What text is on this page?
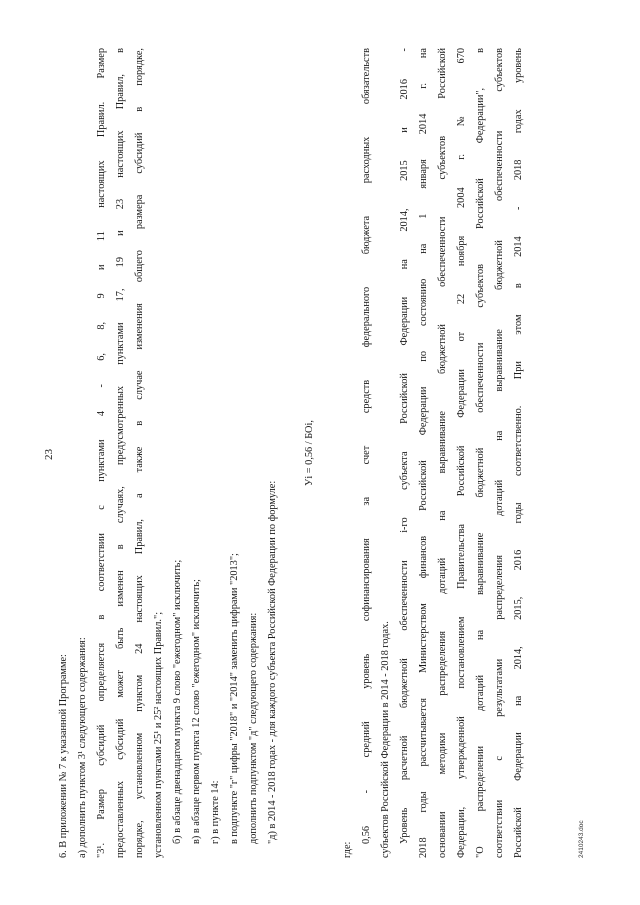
23
6. В приложении № 7 к указанной Программе: а) дополнить пунктом 3¹ следующего содержания: "3¹. Размер субсидий определяется в соответствии с пунктами 4 - 6, 8, 9 и 11 настоящих Правил. Размер предоставленных субсидий может быть изменен в случаях, предусмотренных пунктами 17, 19 и 23 настоящих Правил, в порядке, установленном пунктом 24 настоящих Правил, а также в случае изменения общего размера субсидий в порядке, установленном пунктами 25¹ и 25² настоящих Правил."; б) в абзаце двенадцатом пункта 9 слово "ежегодном" исключить; в) в абзаце первом пункта 12 слово "ежегодном" исключить; г) в пункте 14: в подпункте "г" цифры "2018" и "2014" заменить цифрами "2013"; дополнить подпунктом "д" следующего содержания: "д) в 2014 - 2018 годах - для каждого субъекта Российской Федерации по формуле:
Уi = 0,56 / БОi,
где:
0,56 - средний уровень софинансирования за счет средств федерального бюджета расходных обязательств субъектов Российской Федерации в 2014 - 2018 годах. Уровень расчетной бюджетной обеспеченности i-го субъекта Российской Федерации на 2014, 2015 и 2016 - 2018 годы рассчитывается Министерством финансов Российской Федерации по состоянию на 1 января 2014 г. на основании методики распределения дотаций на выравнивание бюджетной обеспеченности субъектов Российской Федерации, утвержденной постановлением Правительства Российской Федерации от 22 ноября 2004 г. № 670 "О распределении дотаций на выравнивание бюджетной обеспеченности субъектов Российской Федерации", в соответствии с результатами распределения дотаций на выравнивание бюджетной обеспеченности субъектов Российской Федерации на 2014, 2015, 2016 годы соответственно. При этом в 2014 - 2018 годах уровень	2410243.doc
